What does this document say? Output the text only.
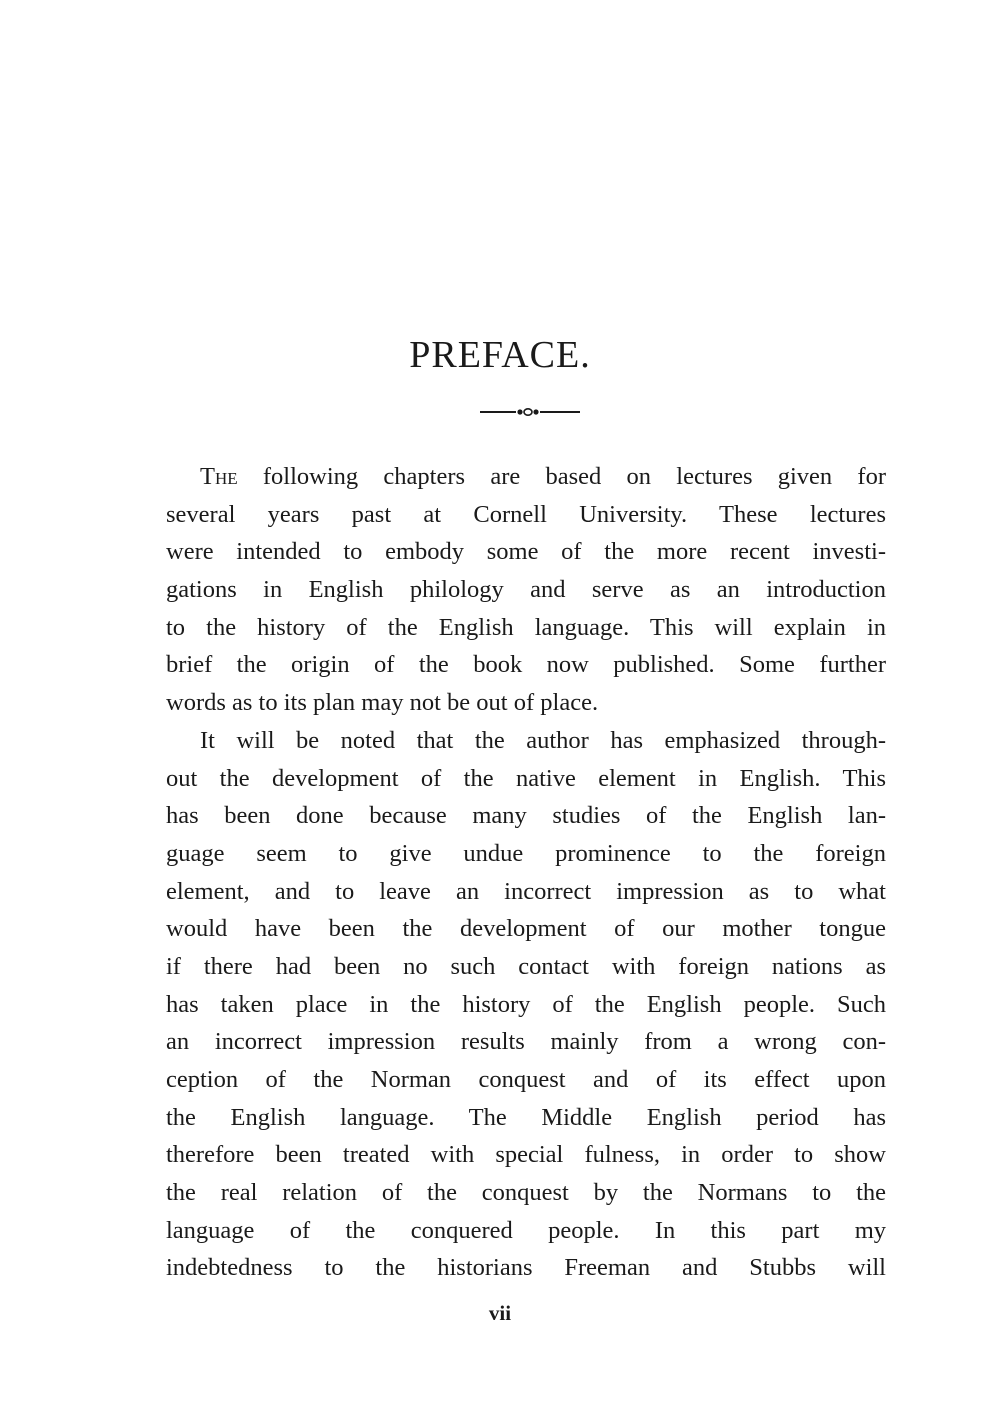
PREFACE.
The following chapters are based on lectures given for
several years past at Cornell University. These lectures
were intended to embody some of the more recent investi-
gations in English philology and serve as an introduction
to the history of the English language. This will explain in
brief the origin of the book now published. Some further
words as to its plan may not be out of place.
It will be noted that the author has emphasized through-
out the development of the native element in English. This
has been done because many studies of the English lan-
guage seem to give undue prominence to the foreign
element, and to leave an incorrect impression as to what
would have been the development of our mother tongue
if there had been no such contact with foreign nations as
has taken place in the history of the English people. Such
an incorrect impression results mainly from a wrong con-
ception of the Norman conquest and of its effect upon
the English language. The Middle English period has
therefore been treated with special fulness, in order to show
the real relation of the conquest by the Normans to the
language of the conquered people. In this part my
indebtedness to the historians Freeman and Stubbs will
vii
